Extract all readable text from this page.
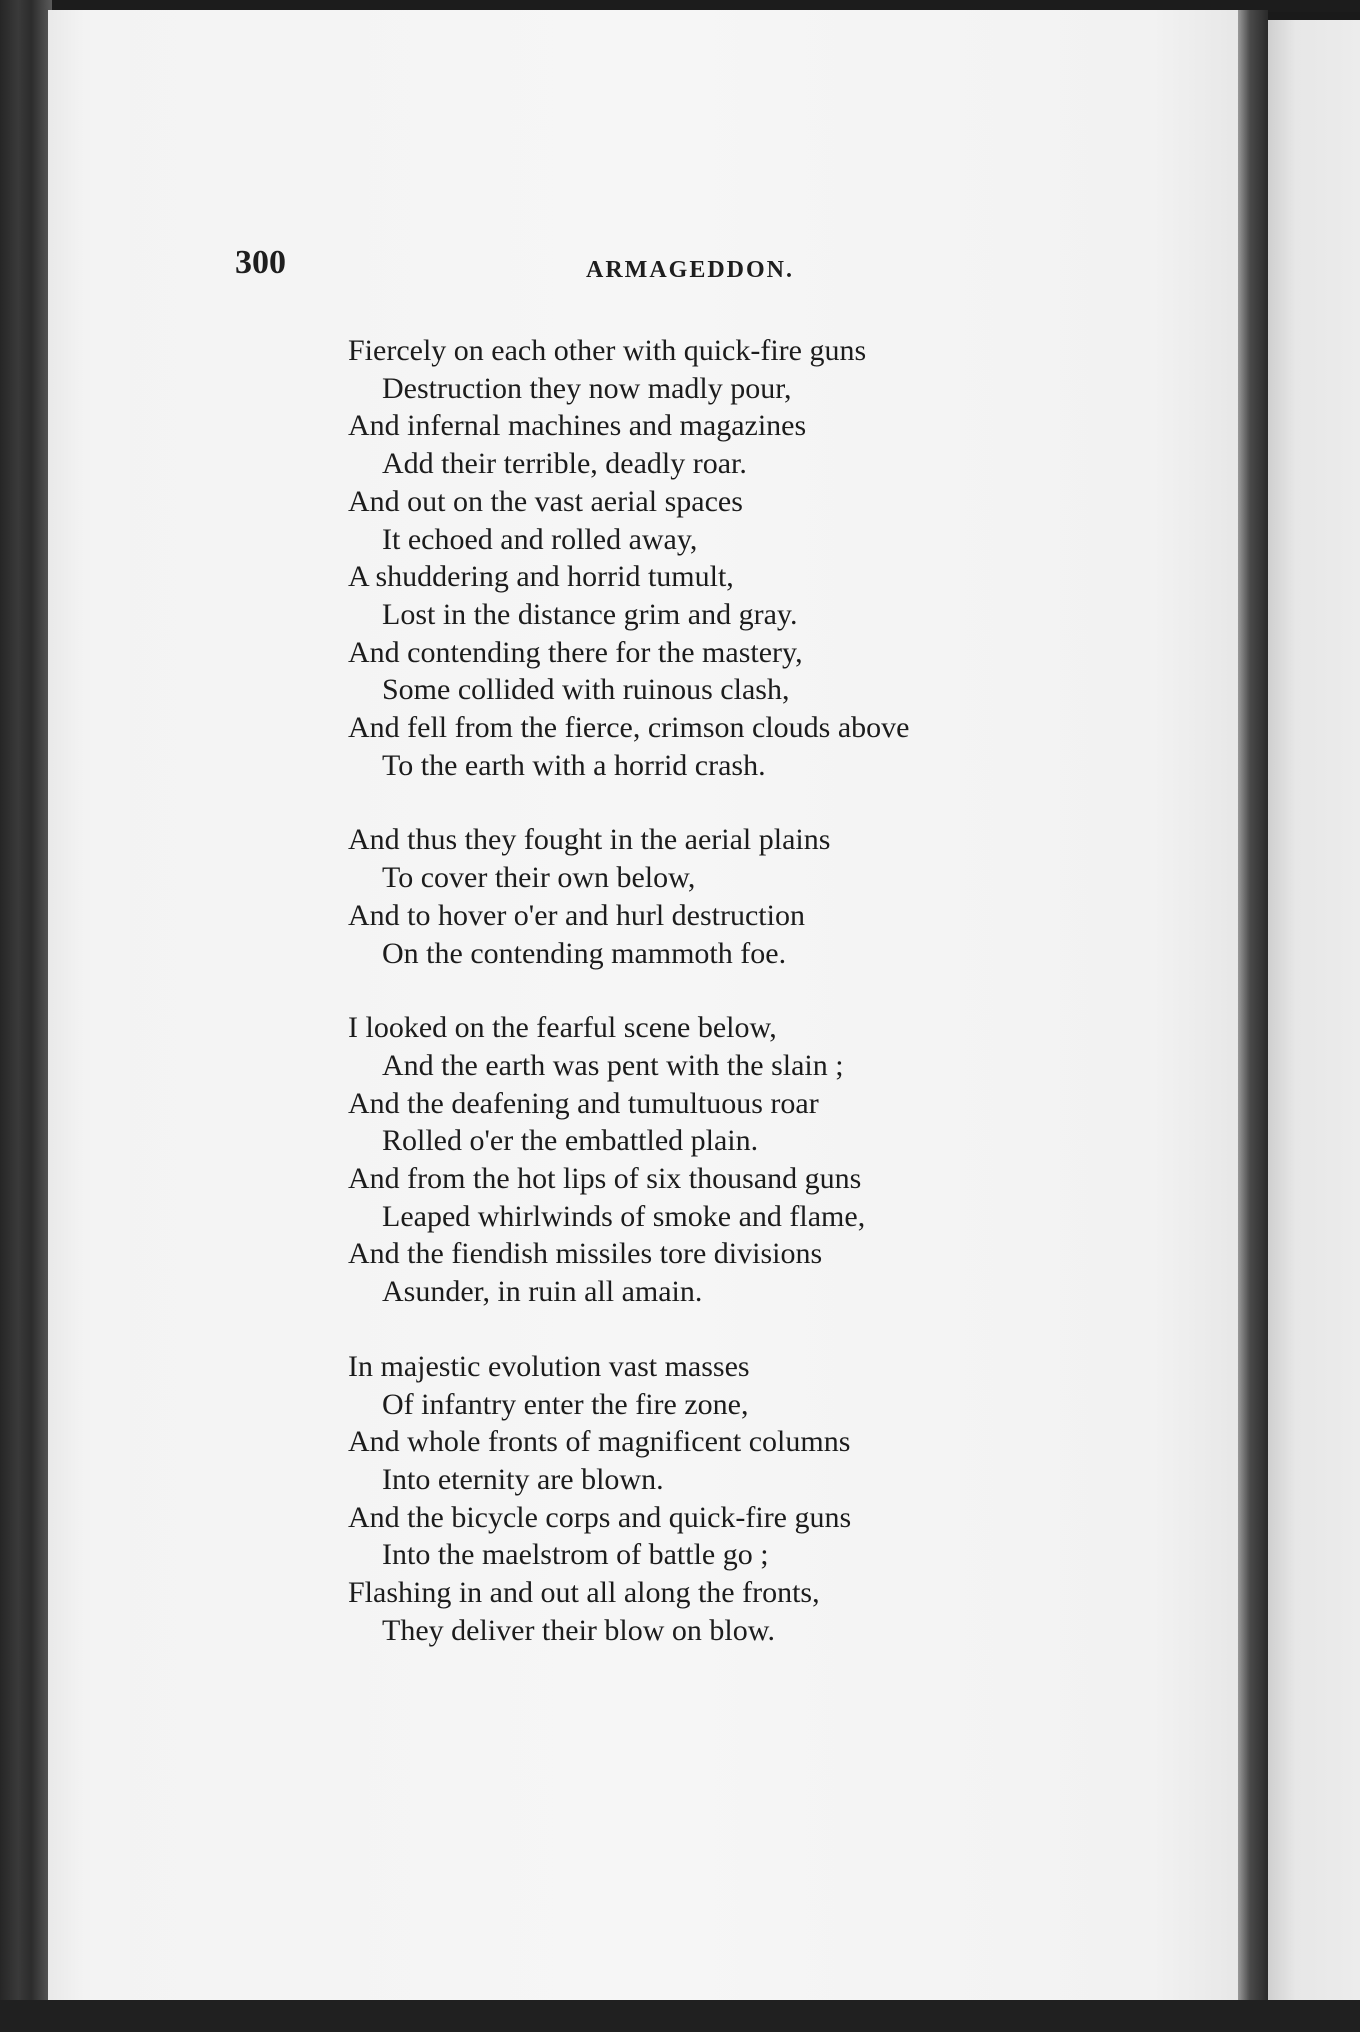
300	ARMAGEDDON.
Fiercely on each other with quick-fire guns
Destruction they now madly pour,
And infernal machines and magazines
Add their terrible, deadly roar.
And out on the vast aerial spaces
It echoed and rolled away,
A shuddering and horrid tumult,
Lost in the distance grim and gray.
And contending there for the mastery,
Some collided with ruinous clash,
And fell from the fierce, crimson clouds above
To the earth with a horrid crash.
And thus they fought in the aerial plains
To cover their own below,
And to hover o'er and hurl destruction
On the contending mammoth foe.
I looked on the fearful scene below,
And the earth was pent with the slain ;
And the deafening and tumultuous roar
Rolled o'er the embattled plain.
And from the hot lips of six thousand guns
Leaped whirlwinds of smoke and flame,
And the fiendish missiles tore divisions
Asunder, in ruin all amain.
In majestic evolution vast masses
Of infantry enter the fire zone,
And whole fronts of magnificent columns
Into eternity are blown.
And the bicycle corps and quick-fire guns
Into the maelstrom of battle go ;
Flashing in and out all along the fronts,
They deliver their blow on blow.
